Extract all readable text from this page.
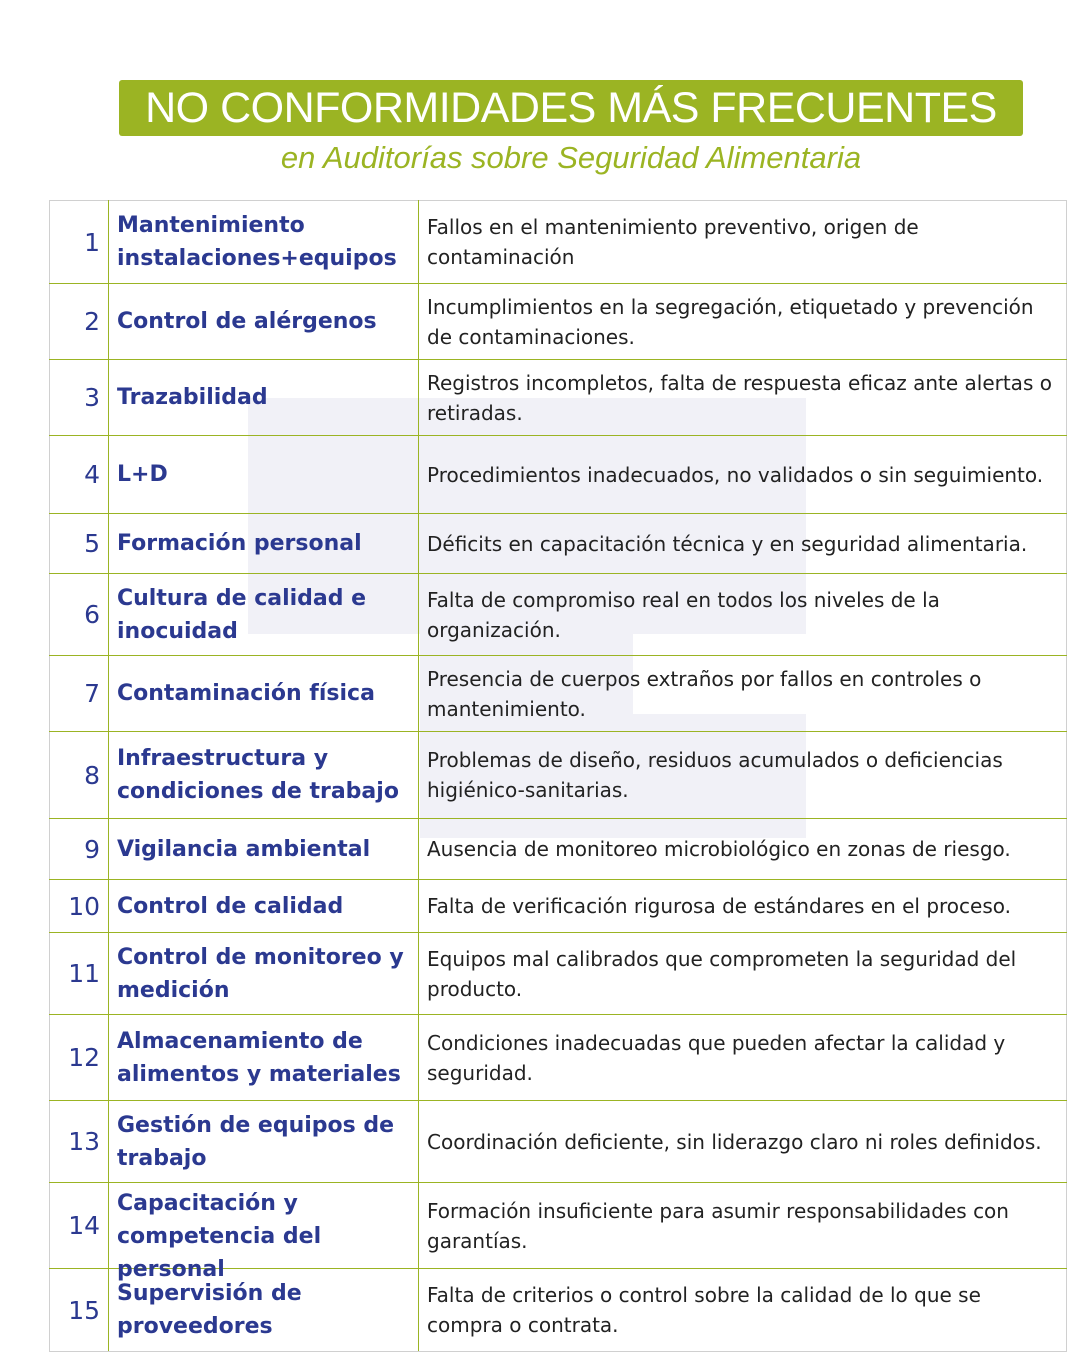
NO CONFORMIDADES MÁS FRECUENTES
en Auditorías sobre Seguridad Alimentaria
1	Mantenimiento instalaciones+equipos	Fallos en el mantenimiento preventivo, origen de contaminación
2	Control de alérgenos	Incumplimientos en la segregación, etiquetado y prevención de contaminaciones.
3	Trazabilidad	Registros incompletos, falta de respuesta eficaz ante alertas o retiradas.
4	L+D	Procedimientos inadecuados, no validados o sin seguimiento.
5	Formación personal	Déficits en capacitación técnica y en seguridad alimentaria.
6	Cultura de calidad e inocuidad	Falta de compromiso real en todos los niveles de la organización.
7	Contaminación física	Presencia de cuerpos extraños por fallos en controles o mantenimiento.
8	Infraestructura y condiciones de trabajo	Problemas de diseño, residuos acumulados o deficiencias higiénico-sanitarias.
9	Vigilancia ambiental	Ausencia de monitoreo microbiológico en zonas de riesgo.
10	Control de calidad	Falta de verificación rigurosa de estándares en el proceso.
11	Control de monitoreo y medición	Equipos mal calibrados que comprometen la seguridad del producto.
12	Almacenamiento de alimentos y materiales	Condiciones inadecuadas que pueden afectar la calidad y seguridad.
13	Gestión de equipos de trabajo	Coordinación deficiente, sin liderazgo claro ni roles definidos.
14	Capacitación y competencia del personal	Formación insuficiente para asumir responsabilidades con garantías.
15	Supervisión de proveedores	Falta de criterios o control sobre la calidad de lo que se compra o contrata.
